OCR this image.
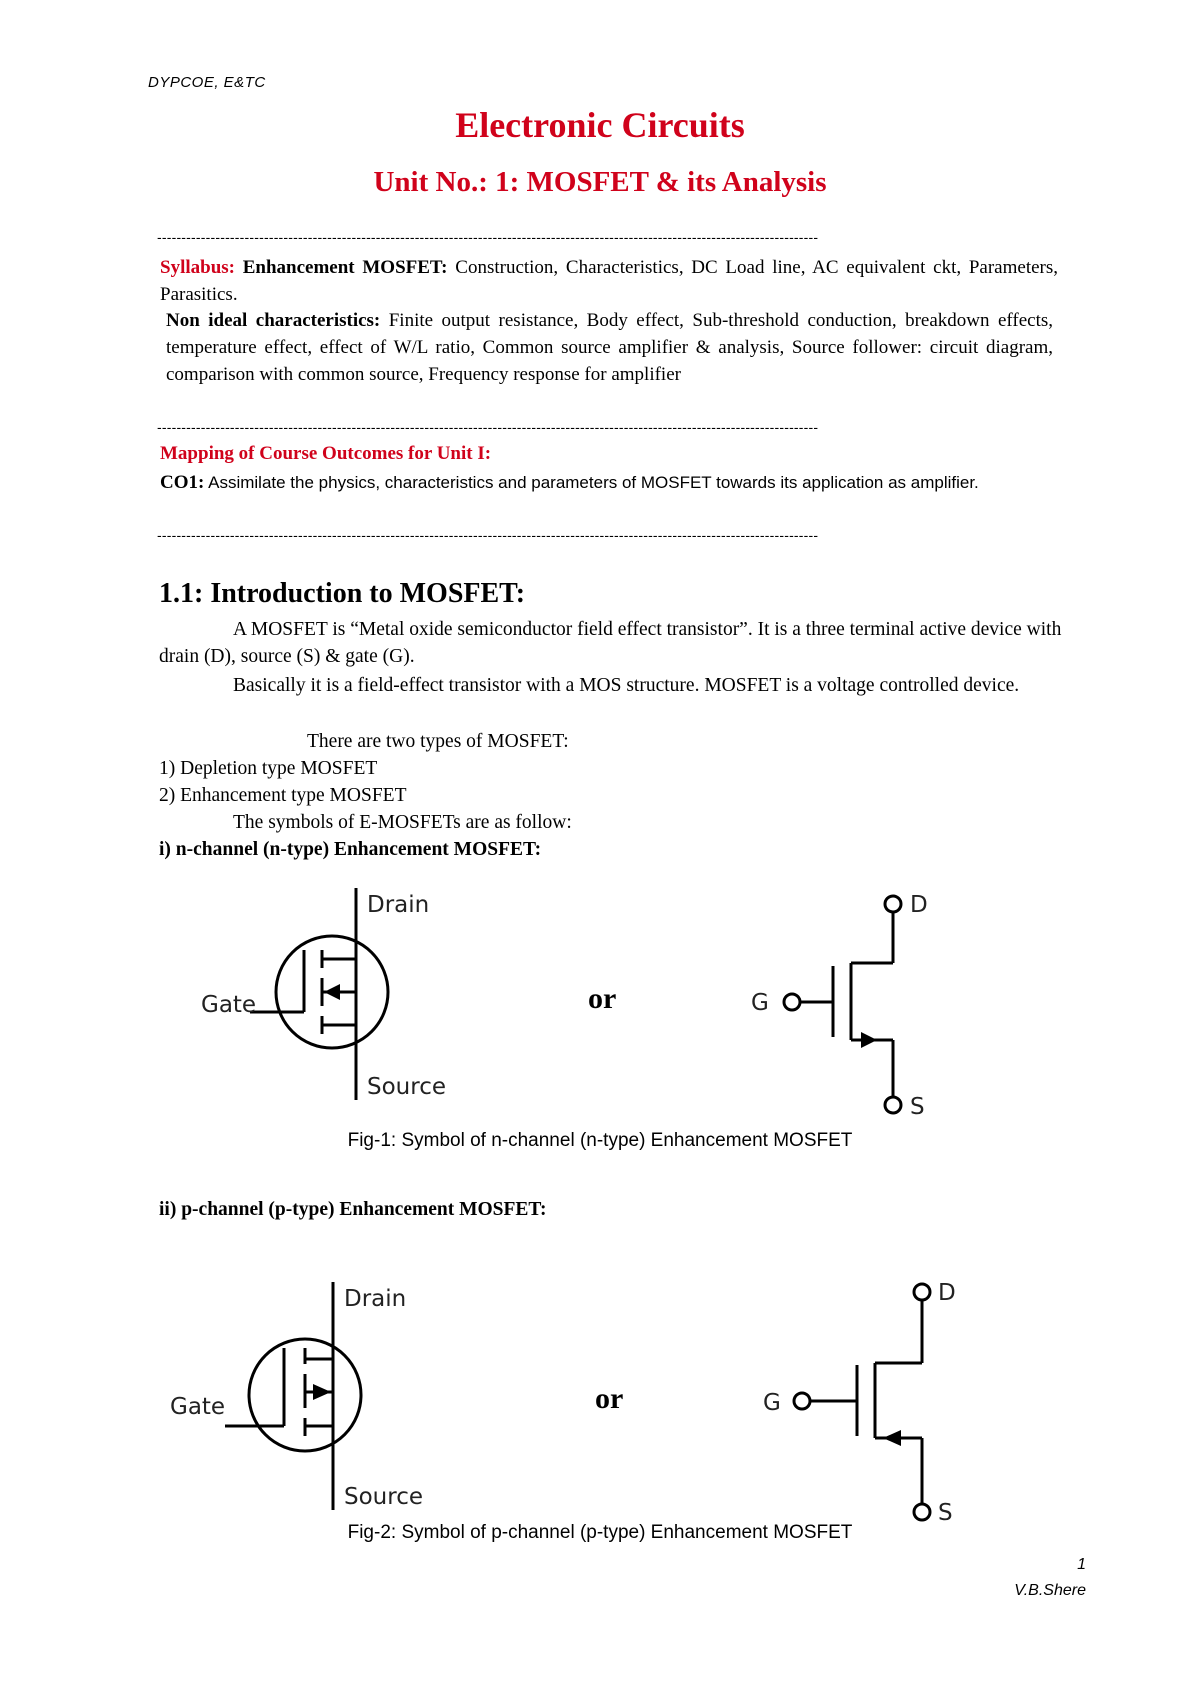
DYPCOE, E&TC
Electronic Circuits
Unit No.: 1: MOSFET & its Analysis
----------------------------------------------------------------------------------------------------------------------------------------
Syllabus: Enhancement MOSFET: Construction, Characteristics, DC Load line, AC equivalent ckt, Parameters, Parasitics.
Non ideal characteristics: Finite output resistance, Body effect, Sub-threshold conduction, breakdown effects, temperature effect, effect of W/L ratio, Common source amplifier & analysis, Source follower: circuit diagram, comparison with common source, Frequency response for amplifier
----------------------------------------------------------------------------------------------------------------------------------------
Mapping of Course Outcomes for Unit I:
CO1: Assimilate the physics, characteristics and parameters of MOSFET towards its application as amplifier.
----------------------------------------------------------------------------------------------------------------------------------------
1.1: Introduction to MOSFET:
A MOSFET is “Metal oxide semiconductor field effect transistor”. It is a three terminal active device with drain (D), source (S) & gate (G).
Basically it is a field-effect transistor with a MOS structure. MOSFET is a voltage controlled device.
There are two types of MOSFET:
1) Depletion type MOSFET
2) Enhancement type MOSFET
The symbols of E-MOSFETs are as follow:
i) n-channel (n-type) Enhancement MOSFET:
Drain
Gate
Source
or
D
G
S
Fig-1: Symbol of n-channel (n-type) Enhancement MOSFET
ii) p-channel (p-type) Enhancement MOSFET:
Drain
Gate
Source
or
D
G
S
Fig-2: Symbol of p-channel (p-type) Enhancement MOSFET
1
V.B.Shere
